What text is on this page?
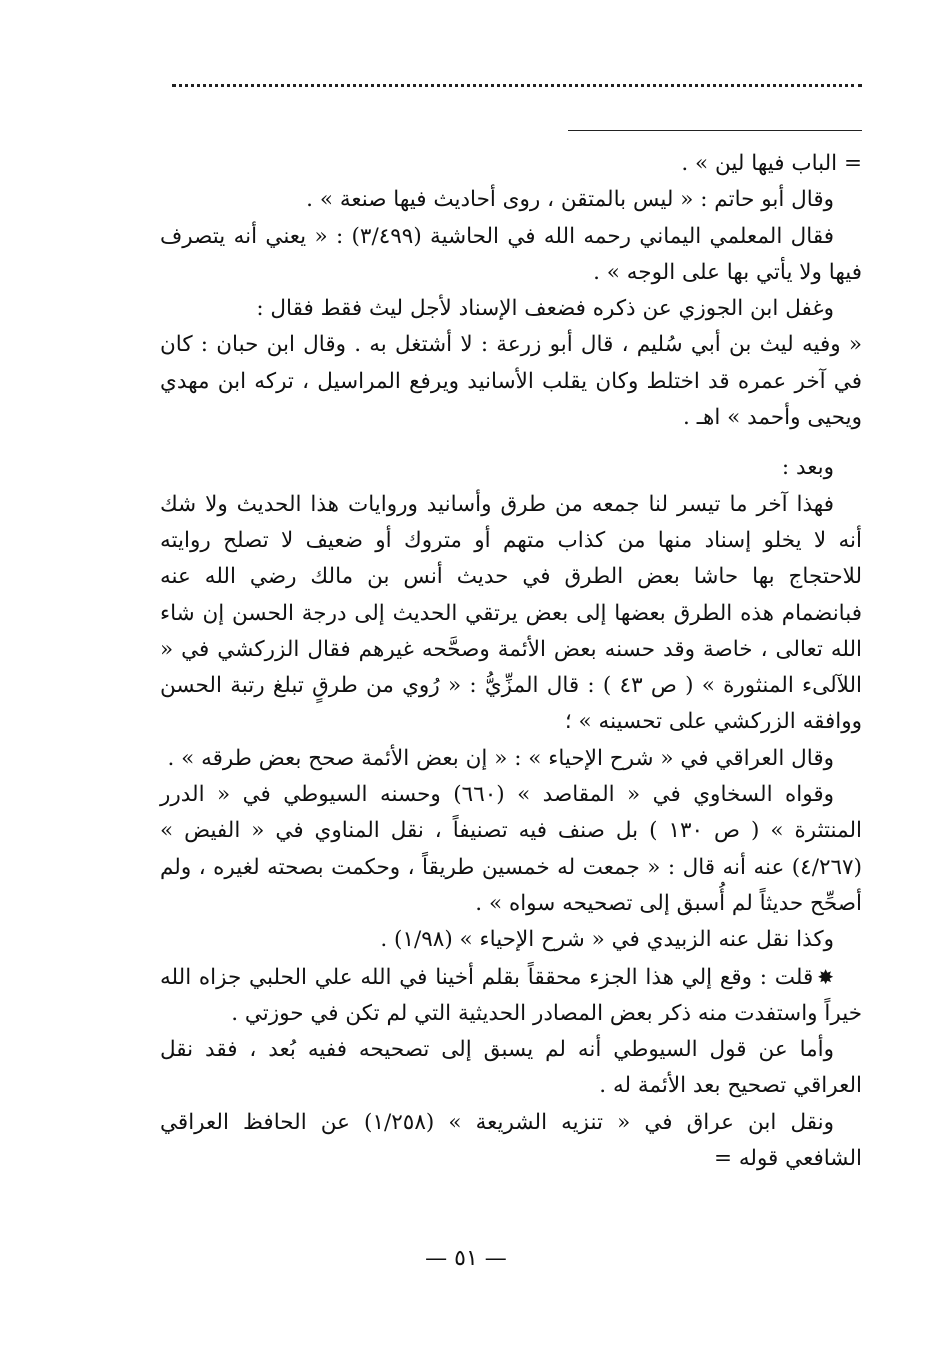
= الباب فيها لين » .

وقال أبو حاتم : « ليس بالمتقن ، روى أحاديث فيها صنعة » .

فقال المعلمي اليماني رحمه الله في الحاشية (٣/٤٩٩) : « يعني أنه يتصرف فيها ولا يأتي بها على الوجه » .

وغفل ابن الجوزي عن ذكره فضعف الإسناد لأجل ليث فقط فقال :

« وفيه ليث بن أبي سُليم ، قال أبو زرعة : لا أشتغل به . وقال ابن حبان : كان في آخر عمره قد اختلط وكان يقلب الأسانيد ويرفع المراسيل ، تركه ابن مهدي ويحيى وأحمد » اهـ .

وبعد :

فهذا آخر ما تيسر لنا جمعه من طرق وأسانيد وروايات هذا الحديث ولا شك أنه لا يخلو إسناد منها من كذاب متهم أو متروك أو ضعيف لا تصلح روايته للاحتجاج بها حاشا بعض الطرق في حديث أنس بن مالك رضي الله عنه فبانضمام هذه الطرق بعضها إلى بعض يرتقي الحديث إلى درجة الحسن إن شاء الله تعالى ، خاصة وقد حسنه بعض الأئمة وصحَّحه غيرهم فقال الزركشي في « اللآلىء المنثورة » ( ص ٤٣ ) : قال المزِّيُّ : « رُوي من طرقٍ تبلغ رتبة الحسن ووافقه الزركشي على تحسينه » ؛

وقال العراقي في « شرح الإحياء » : « إن بعض الأئمة صحح بعض طرقه » .

وقواه السخاوي في « المقاصد » (٦٦٠) وحسنه السيوطي في « الدرر المنتثرة » ( ص ١٣٠ ) بل صنف فيه تصنيفاً ، نقل المناوي في « الفيض » (٤/٢٦٧) عنه أنه قال : « جمعت له خمسين طريقاً ، وحكمت بصحته لغيره ، ولم أصحِّح حديثاً لم أُسبق إلى تصحيحه سواه » .

وكذا نقل عنه الزبيدي في « شرح الإحياء » (١/٩٨) .

✸قلت : وقع إلي هذا الجزء محققاً بقلم أخينا في الله علي الحلبي جزاه الله خيراً واستفدت منه ذكر بعض المصادر الحديثية التي لم تكن في حوزتي .

وأما عن قول السيوطي أنه لم يسبق إلى تصحيحه ففيه بُعد ، فقد نقل العراقي تصحيح بعد الأئمة له .

ونقل ابن عراق في « تنزيه الشريعة » (١/٢٥٨) عن الحافظ العراقي الشافعي قوله =

— ٥١ —
